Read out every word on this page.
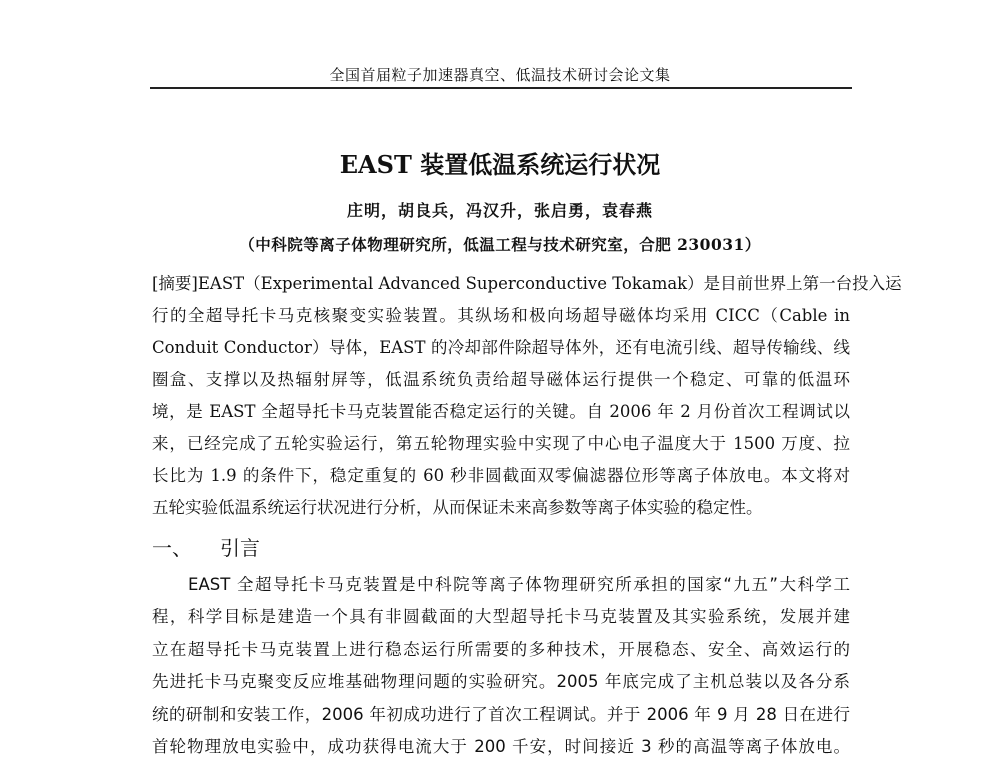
全国首届粒子加速器真空、低温技术研讨会论文集
EAST 装置低温系统运行状况
庄明，胡良兵，冯汉升，张启勇，袁春燕
（中科院等离子体物理研究所，低温工程与技术研究室，合肥 230031）
[摘要]EAST（Experimental Advanced Superconductive Tokamak）是目前世界上第一台投入运
行的全超导托卡马克核聚变实验装置。其纵场和极向场超导磁体均采用 CICC（Cable in
Conduit Conductor）导体，EAST 的冷却部件除超导体外，还有电流引线、超导传输线、线
圈盒、支撑以及热辐射屏等，低温系统负责给超导磁体运行提供一个稳定、可靠的低温环
境，是 EAST 全超导托卡马克装置能否稳定运行的关键。自 2006 年 2 月份首次工程调试以
来，已经完成了五轮实验运行，第五轮物理实验中实现了中心电子温度大于 1500 万度、拉
长比为 1.9 的条件下，稳定重复的 60 秒非圆截面双零偏滤器位形等离子体放电。本文将对
五轮实验低温系统运行状况进行分析，从而保证未来高参数等离子体实验的稳定性。
一、 引言
　　EAST 全超导托卡马克装置是中科院等离子体物理研究所承担的国家“九五”大科学工
程，科学目标是建造一个具有非圆截面的大型超导托卡马克装置及其实验系统，发展并建
立在超导托卡马克装置上进行稳态运行所需要的多种技术，开展稳态、安全、高效运行的
先进托卡马克聚变反应堆基础物理问题的实验研究。2005 年底完成了主机总装以及各分系
统的研制和安装工作，2006 年初成功进行了首次工程调试。并于 2006 年 9 月 28 日在进行
首轮物理放电实验中，成功获得电流大于 200 千安，时间接近 3 秒的高温等离子体放电。
